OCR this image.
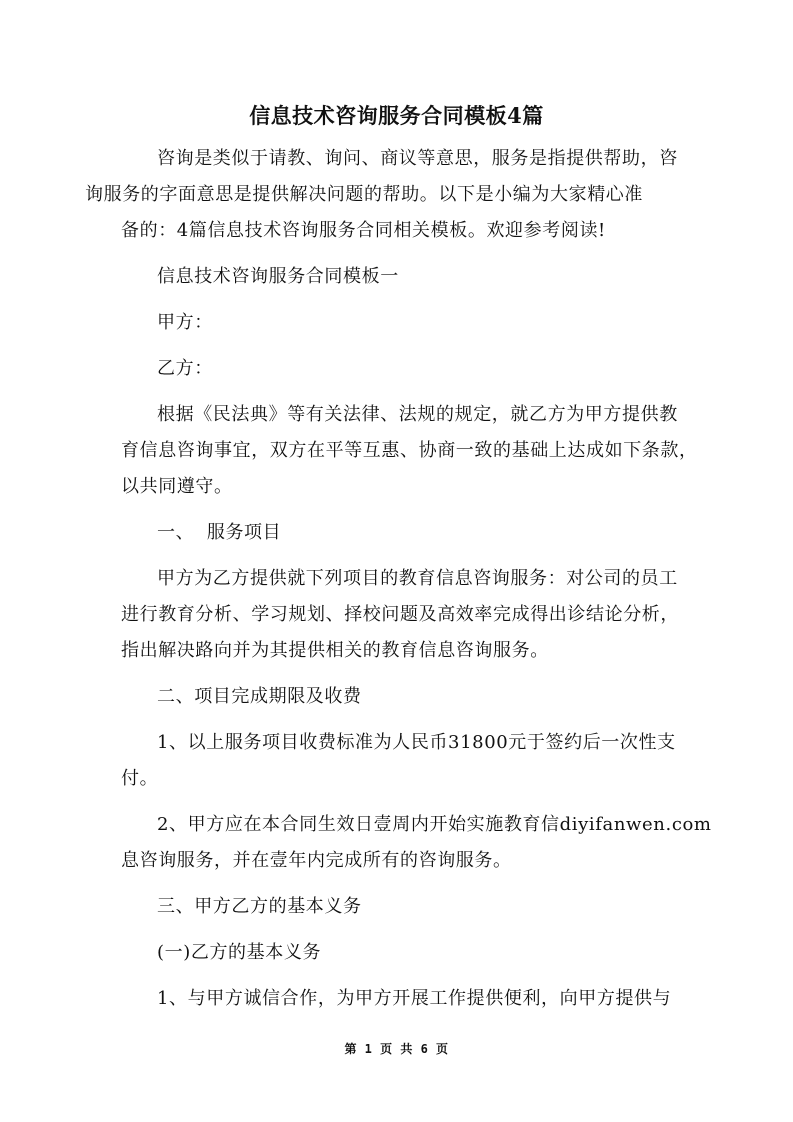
信息技术咨询服务合同模板4篇

咨询是类似于请教、询问、商议等意思，服务是指提供帮助，咨
询服务的字面意思是提供解决问题的帮助。以下是小编为大家精心准
备的：4篇信息技术咨询服务合同相关模板。欢迎参考阅读!

信息技术咨询服务合同模板一

甲方：

乙方：

根据《民法典》等有关法律、法规的规定，就乙方为甲方提供教
育信息咨询事宜，双方在平等互惠、协商一致的基础上达成如下条款，
以共同遵守。

一、  服务项目

甲方为乙方提供就下列项目的教育信息咨询服务：对公司的员工
进行教育分析、学习规划、择校问题及高效率完成得出诊结论分析，
指出解决路向并为其提供相关的教育信息咨询服务。

二、项目完成期限及收费

1、以上服务项目收费标准为人民币31800元于签约后一次性支
付。

2、甲方应在本合同生效日壹周内开始实施教育信diyifanwen.com
息咨询服务，并在壹年内完成所有的咨询服务。

三、甲方乙方的基本义务

(一)乙方的基本义务

1、与甲方诚信合作，为甲方开展工作提供便利，向甲方提供与

第 1 页 共 6 页
